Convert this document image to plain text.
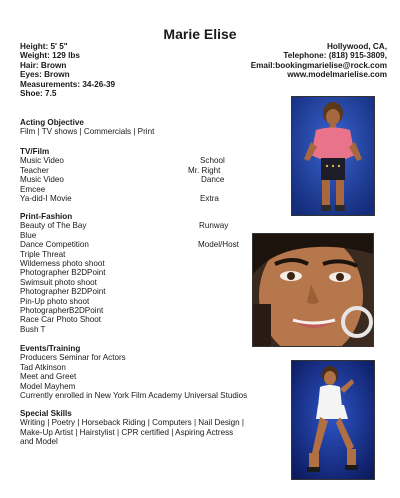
Marie Elise
Height: 5' 5"
Weight: 129 lbs
Hair: Brown
Eyes: Brown
Measurements: 34-26-39
Shoe: 7.5
Hollywood, CA,
Telephone: (818) 915-3809,
Email:bookingmarielise@rock.com
www.modelmarielise.com
Acting Objective
Film | TV shows | Commercials | Print
TV/Film
Music Video	School
Teacher	Mr. Right
Music Video	Dance
Emcee
Ya-did-I Movie	Extra
Print-Fashion
Beauty of The Bay	Runway
Blue
Dance Competition	Model/Host
Triple Threat
Wilderness photo shoot
Photographer B2DPoint
Swimsuit photo shoot
Photographer B2DPoint
Pin-Up photo shoot
PhotographerB2DPoint
Race Car Photo Shoot
Bush T
Events/Training
Producers Seminar for Actors
Tad Atkinson
Meet and Greet
Model Mayhem
Currently enrolled in New York Film Academy Universal Studios
Special Skills
Writing | Poetry | Horseback Riding | Computers | Nail Design |
Make-Up Artist | Hairstylist | CPR certified | Aspiring Actress
and Model
